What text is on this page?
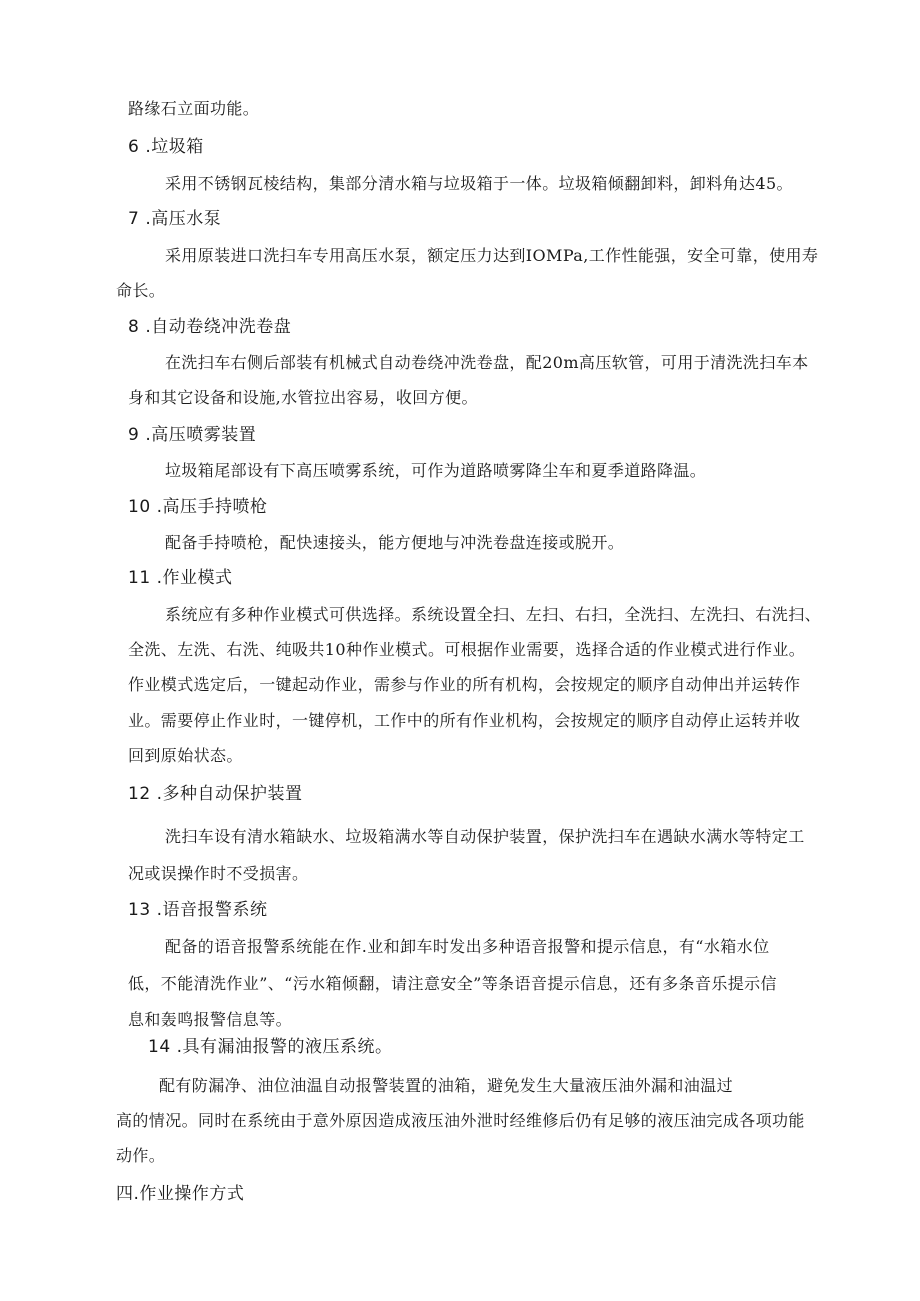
路缘石立面功能。
6 .垃圾箱
采用不锈钢瓦棱结构，集部分清水箱与垃圾箱于一体。垃圾箱倾翻卸料，卸料角达45。
7 .高压水泵
采用原装进口洗扫车专用高压水泵，额定压力达到IOMPa,工作性能强，安全可靠，使用寿
命长。
8 .自动卷绕冲洗卷盘
在洗扫车右侧后部装有机械式自动卷绕冲洗卷盘，配20m高压软管，可用于清洗洗扫车本
身和其它设备和设施,水管拉出容易，收回方便。
9 .高压喷雾装置
垃圾箱尾部设有下高压喷雾系统，可作为道路喷雾降尘车和夏季道路降温。
10 .高压手持喷枪
配备手持喷枪，配快速接头，能方便地与冲洗卷盘连接或脱开。
11 .作业模式
系统应有多种作业模式可供选择。系统设置全扫、左扫、右扫，全洗扫、左洗扫、右洗扫、
全洗、左洗、右洗、纯吸共10种作业模式。可根据作业需要，选择合适的作业模式进行作业。
作业模式选定后，一键起动作业，需参与作业的所有机构，会按规定的顺序自动伸出并运转作
业。需要停止作业时，一键停机，工作中的所有作业机构，会按规定的顺序自动停止运转并收
回到原始状态。
12 .多种自动保护装置
洗扫车设有清水箱缺水、垃圾箱满水等自动保护装置，保护洗扫车在遇缺水满水等特定工
况或误操作时不受损害。
13 .语音报警系统
配备的语音报警系统能在作.业和卸车时发出多种语音报警和提示信息，有“水箱水位
低，不能清洗作业”、“污水箱倾翻，请注意安全”等条语音提示信息，还有多条音乐提示信
息和轰鸣报警信息等。
14 .具有漏油报警的液压系统。
配有防漏净、油位油温自动报警装置的油箱，避免发生大量液压油外漏和油温过
高的情况。同时在系统由于意外原因造成液压油外泄时经维修后仍有足够的液压油完成各项功能
动作。
四.作业操作方式
